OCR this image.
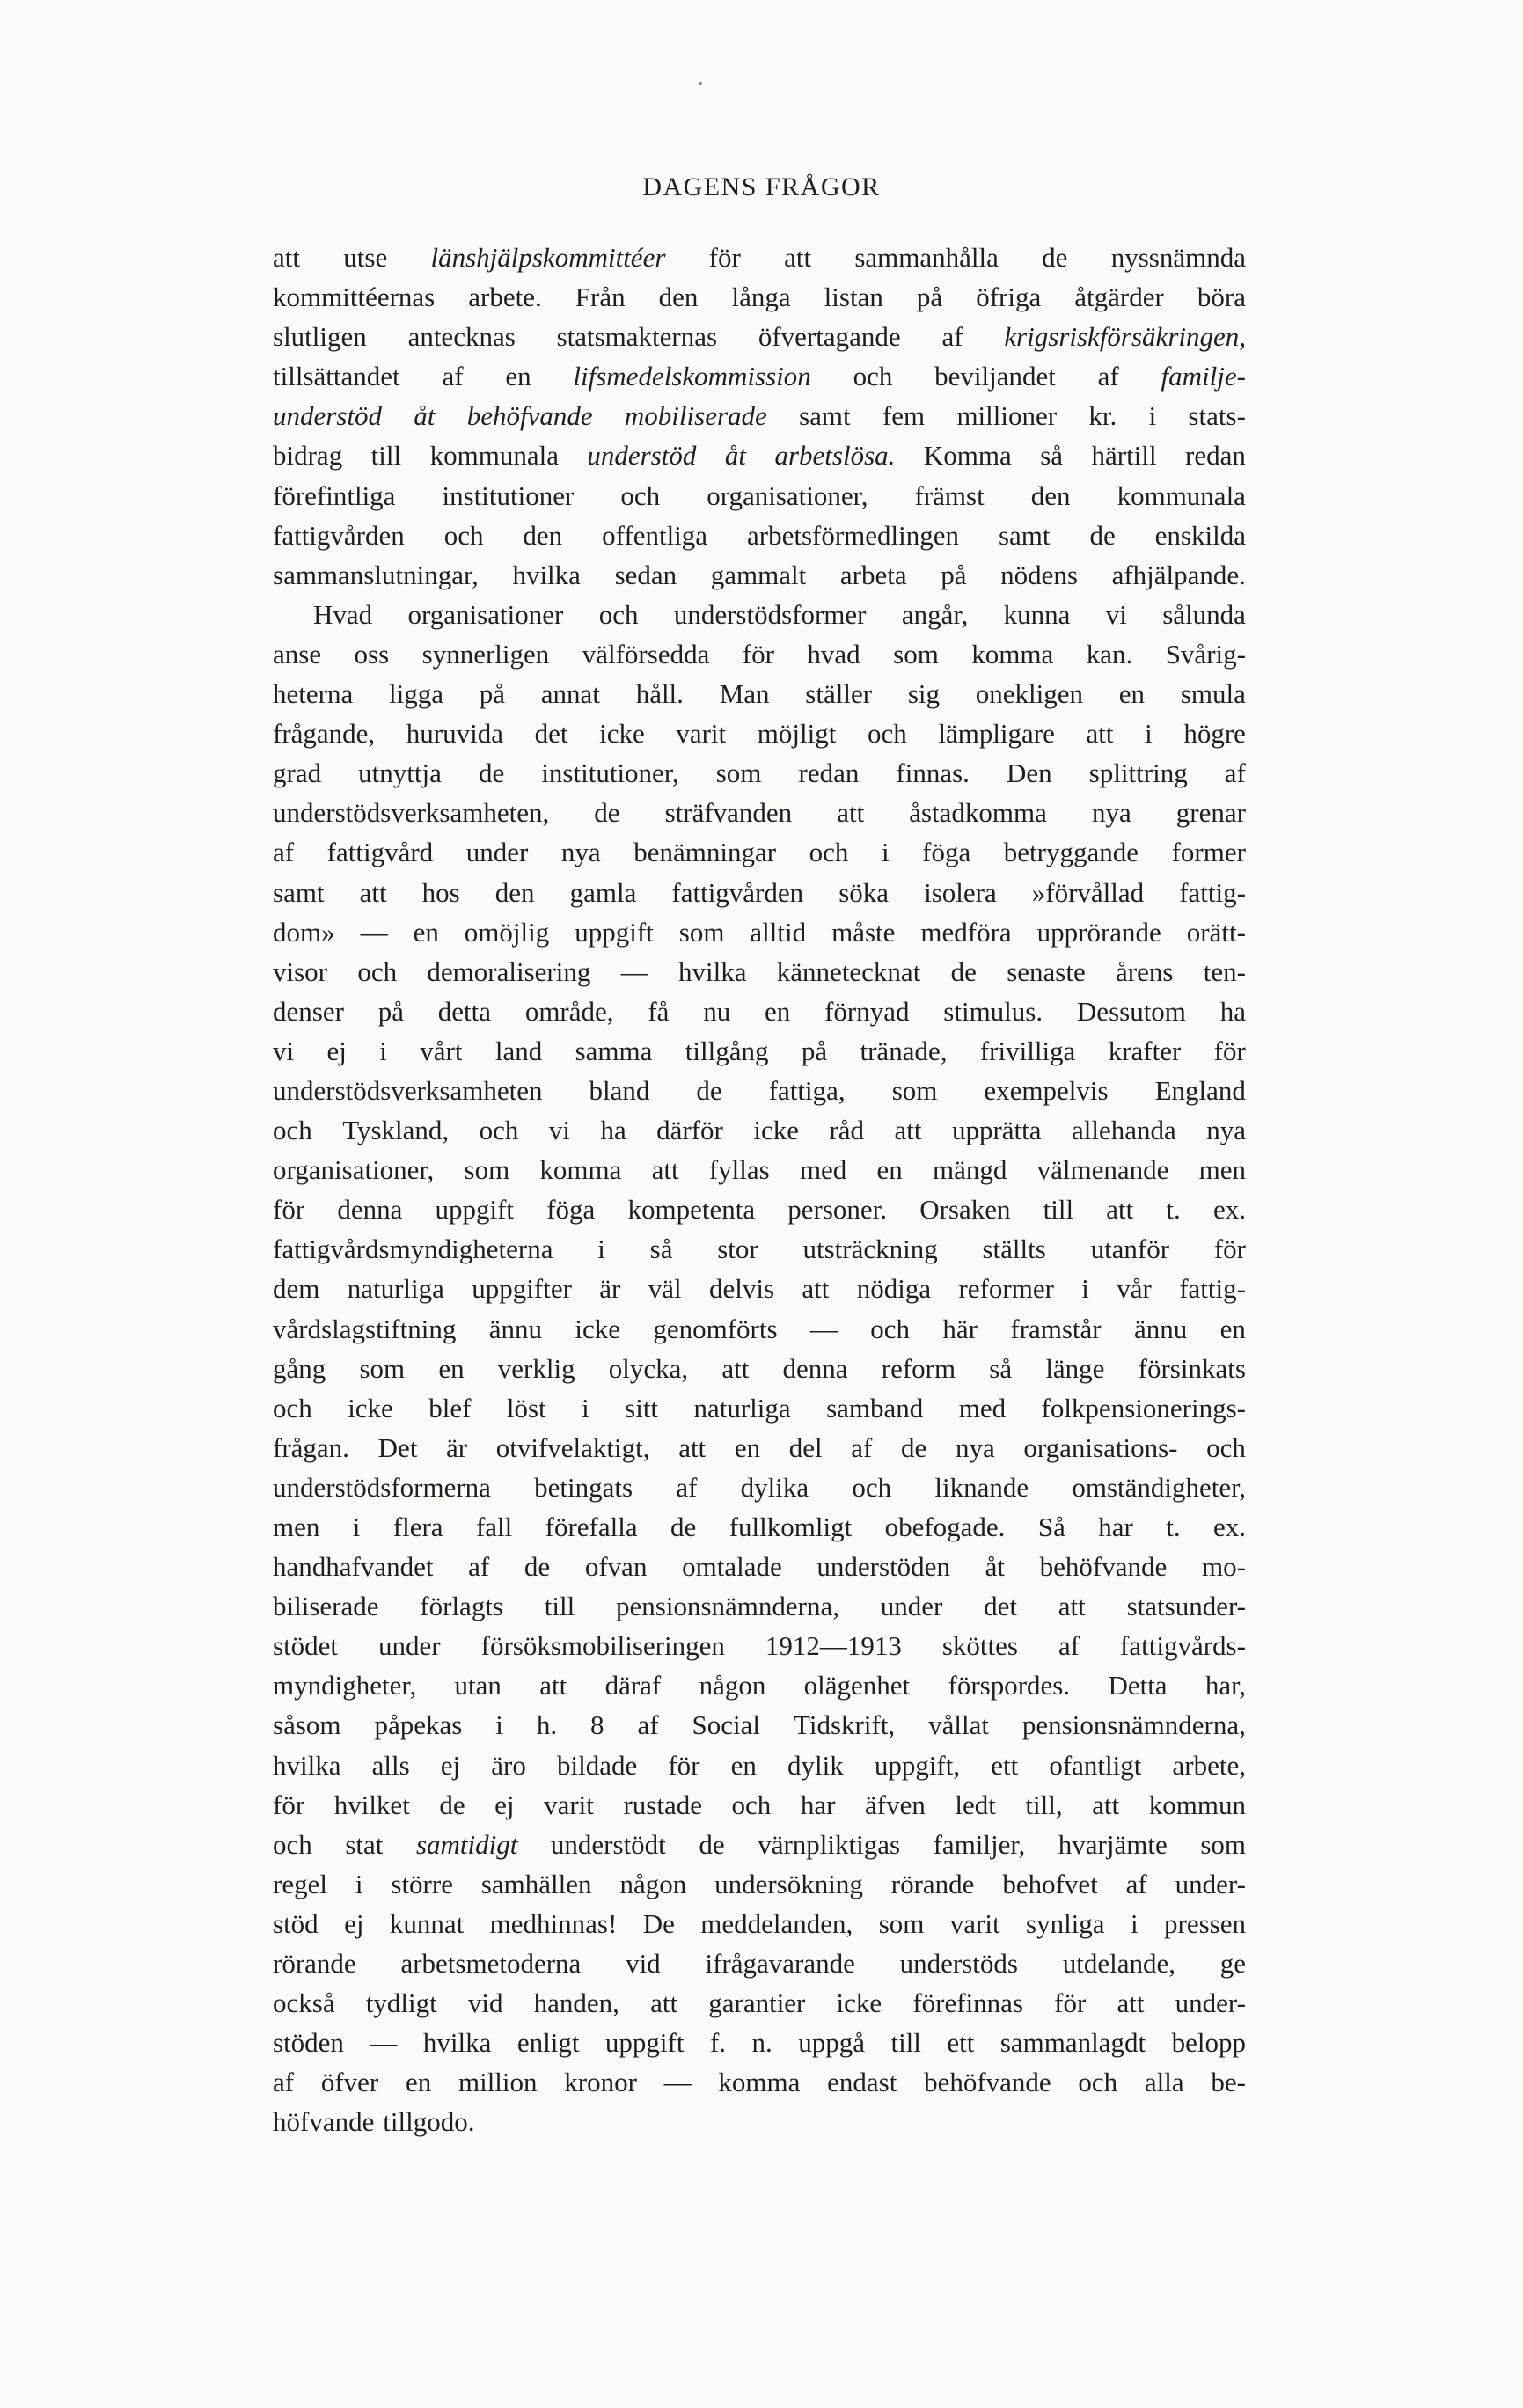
DAGENS FRÅGOR
att utse länshjälpskommittéer för att sammanhålla de nyssnämnda
kommittéernas arbete. Från den långa listan på öfriga åtgärder böra
slutligen antecknas statsmakternas öfvertagande af krigsriskförsäkringen,
tillsättandet af en lifsmedelskommission och beviljandet af familje-
understöd åt behöfvande mobiliserade samt fem millioner kr. i stats-
bidrag till kommunala understöd åt arbetslösa. Komma så härtill redan
förefintliga institutioner och organisationer, främst den kommunala
fattigvården och den offentliga arbetsförmedlingen samt de enskilda
sammanslutningar, hvilka sedan gammalt arbeta på nödens afhjälpande.
Hvad organisationer och understödsformer angår, kunna vi sålunda
anse oss synnerligen välförsedda för hvad som komma kan. Svårig-
heterna ligga på annat håll. Man ställer sig onekligen en smula
frågande, huruvida det icke varit möjligt och lämpligare att i högre
grad utnyttja de institutioner, som redan finnas. Den splittring af
understödsverksamheten, de sträfvanden att åstadkomma nya grenar
af fattigvård under nya benämningar och i föga betryggande former
samt att hos den gamla fattigvården söka isolera »förvållad fattig-
dom» — en omöjlig uppgift som alltid måste medföra upprörande orätt-
visor och demoralisering — hvilka kännetecknat de senaste årens ten-
denser på detta område, få nu en förnyad stimulus. Dessutom ha
vi ej i vårt land samma tillgång på tränade, frivilliga krafter för
understödsverksamheten bland de fattiga, som exempelvis England
och Tyskland, och vi ha därför icke råd att upprätta allehanda nya
organisationer, som komma att fyllas med en mängd välmenande men
för denna uppgift föga kompetenta personer. Orsaken till att t. ex.
fattigvårdsmyndigheterna i så stor utsträckning ställts utanför för
dem naturliga uppgifter är väl delvis att nödiga reformer i vår fattig-
vårdslagstiftning ännu icke genomförts — och här framstår ännu en
gång som en verklig olycka, att denna reform så länge försinkats
och icke blef löst i sitt naturliga samband med folkpensionerings-
frågan. Det är otvifvelaktigt, att en del af de nya organisations- och
understödsformerna betingats af dylika och liknande omständigheter,
men i flera fall förefalla de fullkomligt obefogade. Så har t. ex.
handhafvandet af de ofvan omtalade understöden åt behöfvande mo-
biliserade förlagts till pensionsnämnderna, under det att statsunder-
stödet under försöksmobiliseringen 1912—1913 sköttes af fattigvårds-
myndigheter, utan att däraf någon olägenhet förspordes. Detta har,
såsom påpekas i h. 8 af Social Tidskrift, vållat pensionsnämnderna,
hvilka alls ej äro bildade för en dylik uppgift, ett ofantligt arbete,
för hvilket de ej varit rustade och har äfven ledt till, att kommun
och stat samtidigt understödt de värnpliktigas familjer, hvarjämte som
regel i större samhällen någon undersökning rörande behofvet af under-
stöd ej kunnat medhinnas! De meddelanden, som varit synliga i pressen
rörande arbetsmetoderna vid ifrågavarande understöds utdelande, ge
också tydligt vid handen, att garantier icke förefinnas för att under-
stöden — hvilka enligt uppgift f. n. uppgå till ett sammanlagdt belopp
af öfver en million kronor — komma endast behöfvande och alla be-
höfvande tillgodo.
